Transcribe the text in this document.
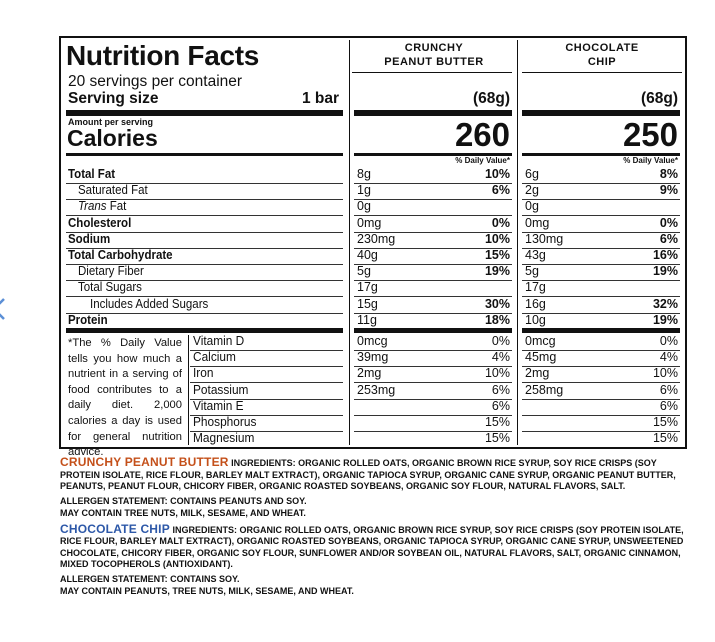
Nutrition Facts
20 servings per container
Serving size	1 bar
CRUNCHY
PEANUT BUTTER
CHOCOLATE
CHIP
(68g)	(68g)
Amount per serving
Calories	260	250
% Daily Value*	% Daily Value*
Total Fat	8g	10% 6g	8%
Saturated Fat	1g	6% 2g	9%
Trans Fat	0g	0g
Cholesterol	0mg	0% 0mg	0%
Sodium	230mg	10% 130mg	6%
Total Carbohydrate	40g	15% 43g	16%
Dietary Fiber	5g	19% 5g	19%
Total Sugars	17g	17g
Includes Added Sugars	15g	30% 16g	32%
Protein	11g	18% 10g	19%
*The % Daily Value tells you how much a nutrient in a serving of food contributes to a daily diet. 2,000 calories a day is used for general nutrition advice.
Vitamin D	0mcg	0% 0mcg	0%
Calcium	39mg	4% 45mg	4%
Iron	2mg	10% 2mg	10%
Potassium	253mg	6% 258mg	6%
Vitamin E	6%	6%
Phosphorus	15%	15%
Magnesium	15%	15%
CRUNCHY PEANUT BUTTER INGREDIENTS: ORGANIC ROLLED OATS, ORGANIC BROWN RICE SYRUP, SOY RICE CRISPS (SOY PROTEIN ISOLATE, RICE FLOUR, BARLEY MALT EXTRACT), ORGANIC TAPIOCA SYRUP, ORGANIC CANE SYRUP, ORGANIC PEANUT BUTTER, PEANUTS, PEANUT FLOUR, CHICORY FIBER, ORGANIC ROASTED SOYBEANS, ORGANIC SOY FLOUR, NATURAL FLAVORS, SALT.
ALLERGEN STATEMENT: CONTAINS PEANUTS AND SOY.
MAY CONTAIN TREE NUTS, MILK, SESAME, AND WHEAT.
CHOCOLATE CHIP INGREDIENTS: ORGANIC ROLLED OATS, ORGANIC BROWN RICE SYRUP, SOY RICE CRISPS (SOY PROTEIN ISOLATE, RICE FLOUR, BARLEY MALT EXTRACT), ORGANIC ROASTED SOYBEANS, ORGANIC TAPIOCA SYRUP, ORGANIC CANE SYRUP, UNSWEETENED CHOCOLATE, CHICORY FIBER, ORGANIC SOY FLOUR, SUNFLOWER AND/OR SOYBEAN OIL, NATURAL FLAVORS, SALT, ORGANIC CINNAMON, MIXED TOCOPHEROLS (ANTIOXIDANT).
ALLERGEN STATEMENT: CONTAINS SOY.
MAY CONTAIN PEANUTS, TREE NUTS, MILK, SESAME, AND WHEAT.
